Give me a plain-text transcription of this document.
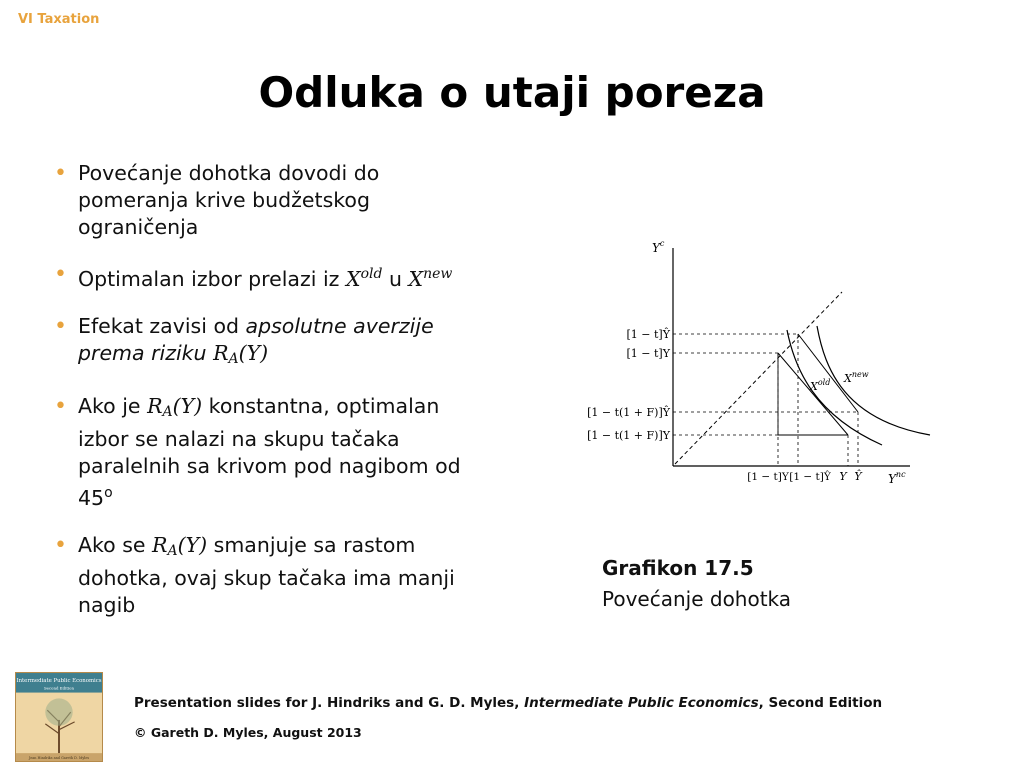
VI Taxation
Odluka o utaji poreza
• Povećanje dohotka dovodi do pomeranja krive budžetskog ograničenja
• Optimalan izbor prelazi iz $X^{old}$ u $X^{new}$
• Efekat zavisi od apsolutne averzije prema riziku $R_A(Y)$
• Ako je $R_A(Y)$ konstantna, optimalan izbor se nalazi na skupu tačaka paralelnih sa krivom pod nagibom od 45$^o$
• Ako se $R_A(Y)$ smanjuje sa rastom dohotka, ovaj skup tačaka ima manji nagib
$Y^c$
$Y^{nc}$
[1 − t]Ŷ
[1 − t]Y
[1 − t(1 + F)]Ŷ
[1 − t(1 + F)]Y
[1 − t]Y [1 − t]Ŷ Y Ŷ
$X^{old}$ $X^{new}$
Grafikon 17.5
Povećanje dohotka
Intermediate Public Economics
Second Edition
Jean Hindriks and Gareth D. Myles
Presentation slides for J. Hindriks and G. D. Myles, Intermediate Public Economics, Second Edition
© Gareth D. Myles, August 2013
